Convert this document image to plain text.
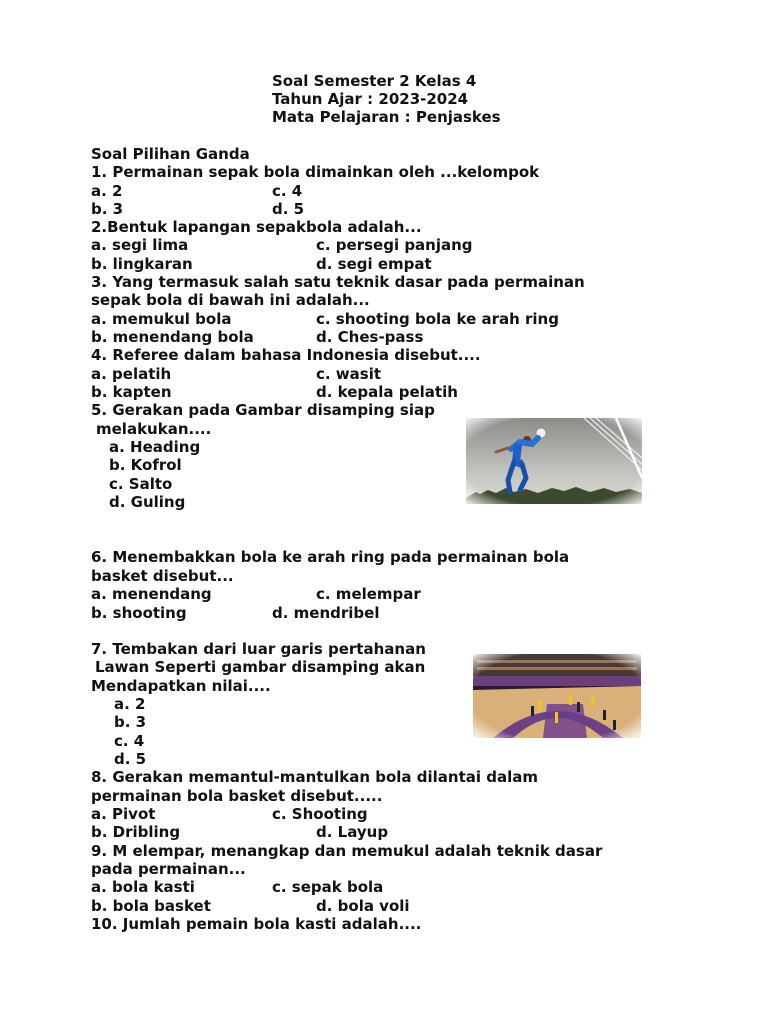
Soal Semester 2 Kelas 4
Tahun Ajar : 2023-2024
Mata Pelajaran : Penjaskes
Soal Pilihan Ganda
1. Permainan sepak bola dimainkan oleh ...kelompok
a. 2	c. 4
b. 3	d. 5
2.Bentuk lapangan sepakbola adalah...
a. segi lima	c. persegi panjang
b. lingkaran	d. segi empat
3. Yang termasuk salah satu teknik dasar pada permainan
sepak bola di bawah ini adalah...
a. memukul bola	c. shooting bola ke arah ring
b. menendang bola	d. Ches-pass
4. Referee dalam bahasa Indonesia disebut....
a. pelatih	c. wasit
b. kapten	d. kepala pelatih
5. Gerakan pada Gambar disamping siap
melakukan....
a. Heading
b. Kofrol
c. Salto
d. Guling
6. Menembakkan bola ke arah ring pada permainan bola
basket disebut...
a. menendang	c. melempar
b. shooting	d. mendribel
7. Tembakan dari luar garis pertahanan
Lawan Seperti gambar disamping akan
Mendapatkan nilai....
a. 2
b. 3
c. 4
d. 5
8. Gerakan memantul-mantulkan bola dilantai dalam
permainan bola basket disebut.....
a. Pivot	c. Shooting
b. Dribling	d. Layup
9. M elempar, menangkap dan memukul adalah teknik dasar
pada permainan...
a. bola kasti	c. sepak bola
b. bola basket	d. bola voli
10. Jumlah pemain bola kasti adalah....
